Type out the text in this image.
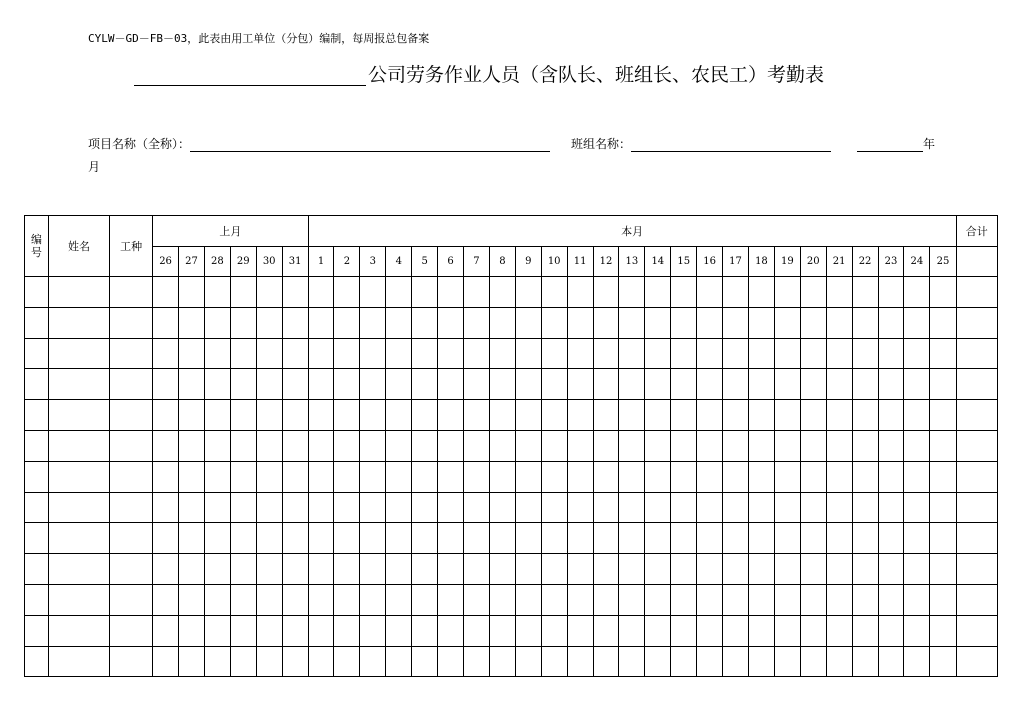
CYLW－GD－FB－03，此表由用工单位（分包）编制，每周报总包备案
公司劳务作业人员（含队长、班组长、农民工）考勤表
项目名称（全称）：	班组名称：	年
月
编
号	姓名	工种	上月						本月																									合计
			26	27	28	29	30	31	1	2	3	4	5	6	7	8	9	10	11	12	13	14	15	16	17	18	19	20	21	22	23	24	25	
